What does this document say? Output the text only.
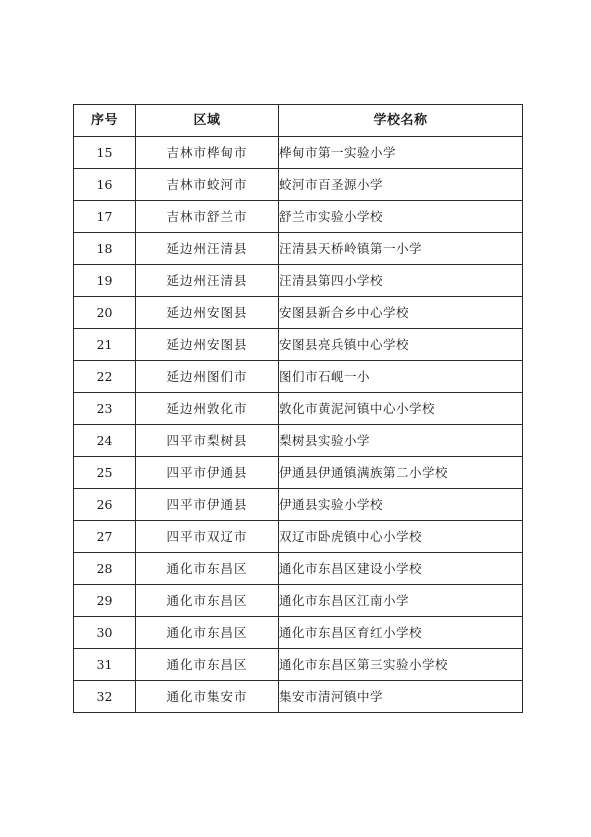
序号	区域	学校名称
15	吉林市桦甸市	桦甸市第一实验小学
16	吉林市蛟河市	蛟河市百圣源小学
17	吉林市舒兰市	舒兰市实验小学校
18	延边州汪清县	汪清县天桥岭镇第一小学
19	延边州汪清县	汪清县第四小学校
20	延边州安图县	安图县新合乡中心学校
21	延边州安图县	安图县亮兵镇中心学校
22	延边州图们市	图们市石岘一小
23	延边州敦化市	敦化市黄泥河镇中心小学校
24	四平市梨树县	梨树县实验小学
25	四平市伊通县	伊通县伊通镇满族第二小学校
26	四平市伊通县	伊通县实验小学校
27	四平市双辽市	双辽市卧虎镇中心小学校
28	通化市东昌区	通化市东昌区建设小学校
29	通化市东昌区	通化市东昌区江南小学
30	通化市东昌区	通化市东昌区育红小学校
31	通化市东昌区	通化市东昌区第三实验小学校
32	通化市集安市	集安市清河镇中学
